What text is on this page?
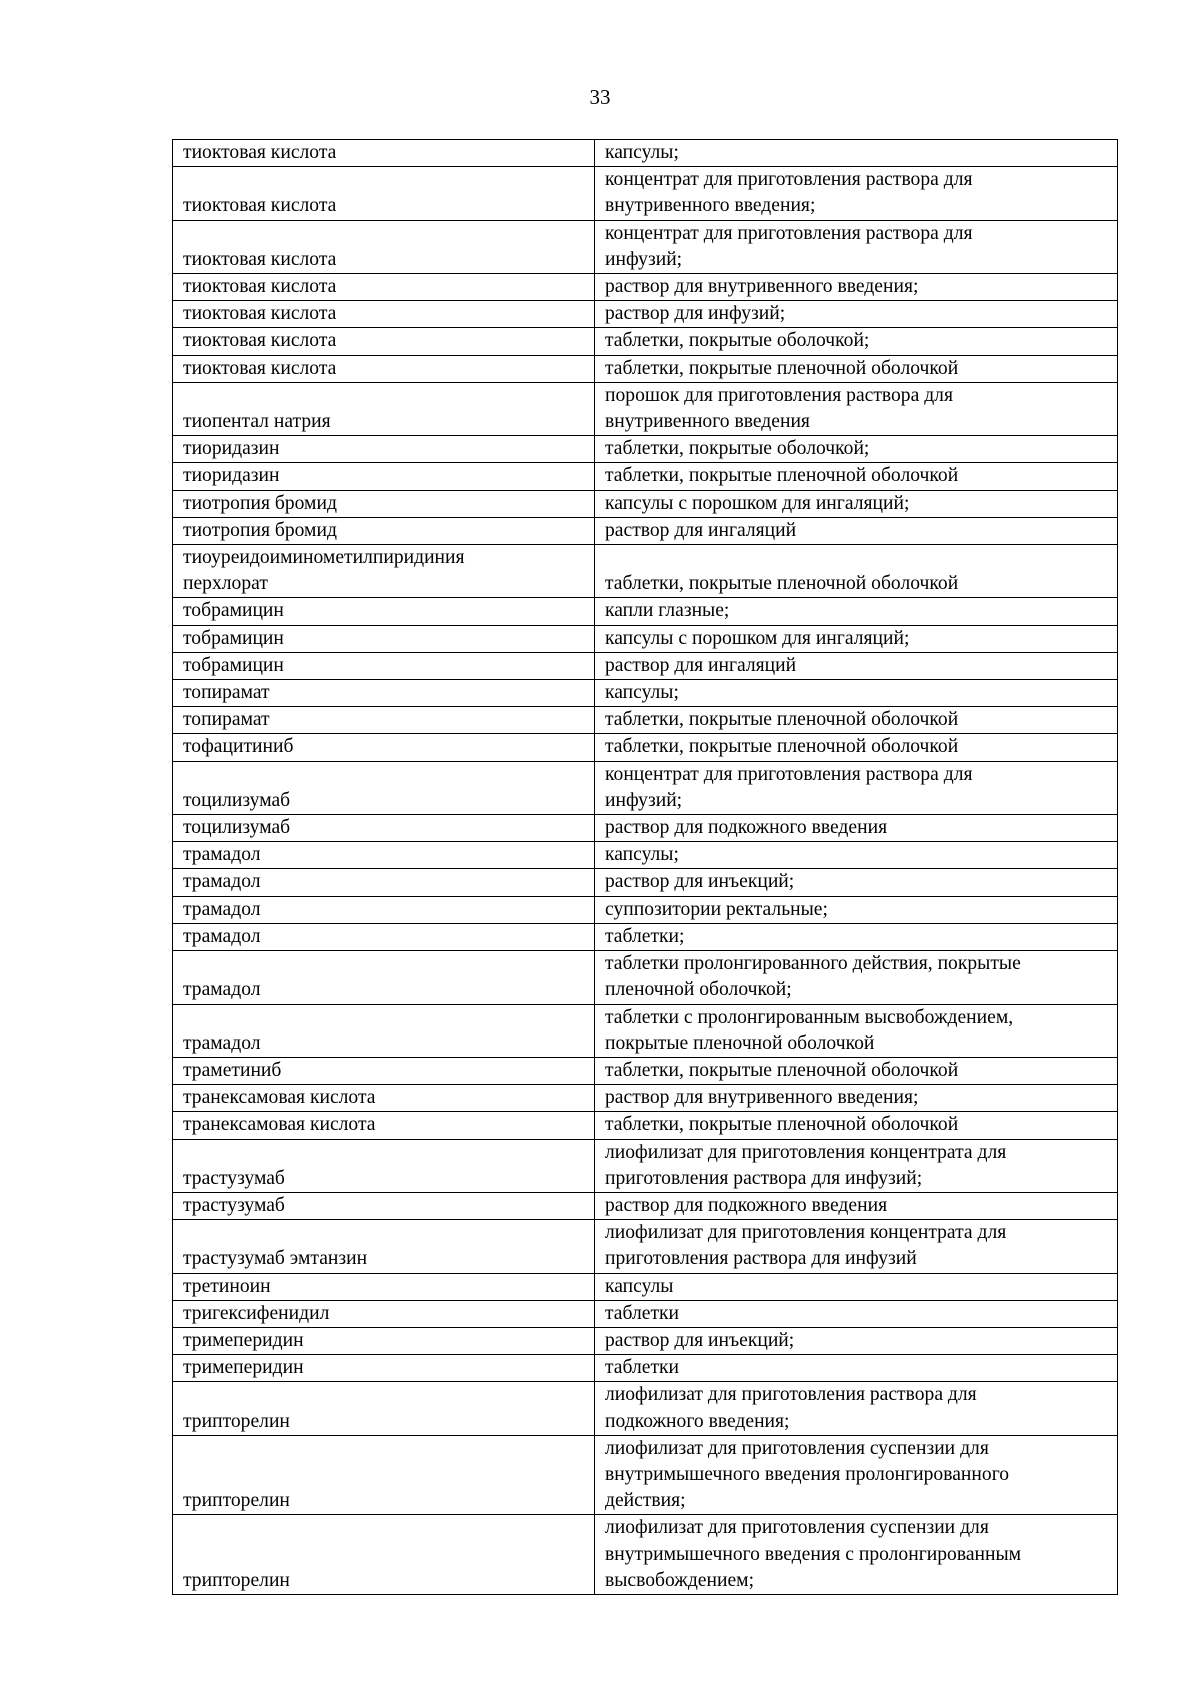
33
тиоктовая кислота	капсулы;
тиоктовая кислота	концентрат для приготовления раствора для
внутривенного введения;
тиоктовая кислота	концентрат для приготовления раствора для
инфузий;
тиоктовая кислота	раствор для внутривенного введения;
тиоктовая кислота	раствор для инфузий;
тиоктовая кислота	таблетки, покрытые оболочкой;
тиоктовая кислота	таблетки, покрытые пленочной оболочкой
тиопентал натрия	порошок для приготовления раствора для
внутривенного введения
тиоридазин	таблетки, покрытые оболочкой;
тиоридазин	таблетки, покрытые пленочной оболочкой
тиотропия бромид	капсулы с порошком для ингаляций;
тиотропия бромид	раствор для ингаляций
тиоуреидоиминометилпиридиния
перхлорат	таблетки, покрытые пленочной оболочкой
тобрамицин	капли глазные;
тобрамицин	капсулы с порошком для ингаляций;
тобрамицин	раствор для ингаляций
топирамат	капсулы;
топирамат	таблетки, покрытые пленочной оболочкой
тофацитиниб	таблетки, покрытые пленочной оболочкой
тоцилизумаб	концентрат для приготовления раствора для
инфузий;
тоцилизумаб	раствор для подкожного введения
трамадол	капсулы;
трамадол	раствор для инъекций;
трамадол	суппозитории ректальные;
трамадол	таблетки;
трамадол	таблетки пролонгированного действия, покрытые
пленочной оболочкой;
трамадол	таблетки с пролонгированным высвобождением,
покрытые пленочной оболочкой
траметиниб	таблетки, покрытые пленочной оболочкой
транексамовая кислота	раствор для внутривенного введения;
транексамовая кислота	таблетки, покрытые пленочной оболочкой
трастузумаб	лиофилизат для приготовления концентрата для
приготовления раствора для инфузий;
трастузумаб	раствор для подкожного введения
трастузумаб эмтанзин	лиофилизат для приготовления концентрата для
приготовления раствора для инфузий
третиноин	капсулы
тригексифенидил	таблетки
тримеперидин	раствор для инъекций;
тримеперидин	таблетки
трипторелин	лиофилизат для приготовления раствора для
подкожного введения;
трипторелин	лиофилизат для приготовления суспензии для
внутримышечного введения пролонгированного
действия;
трипторелин	лиофилизат для приготовления суспензии для
внутримышечного введения с пролонгированным
высвобождением;
